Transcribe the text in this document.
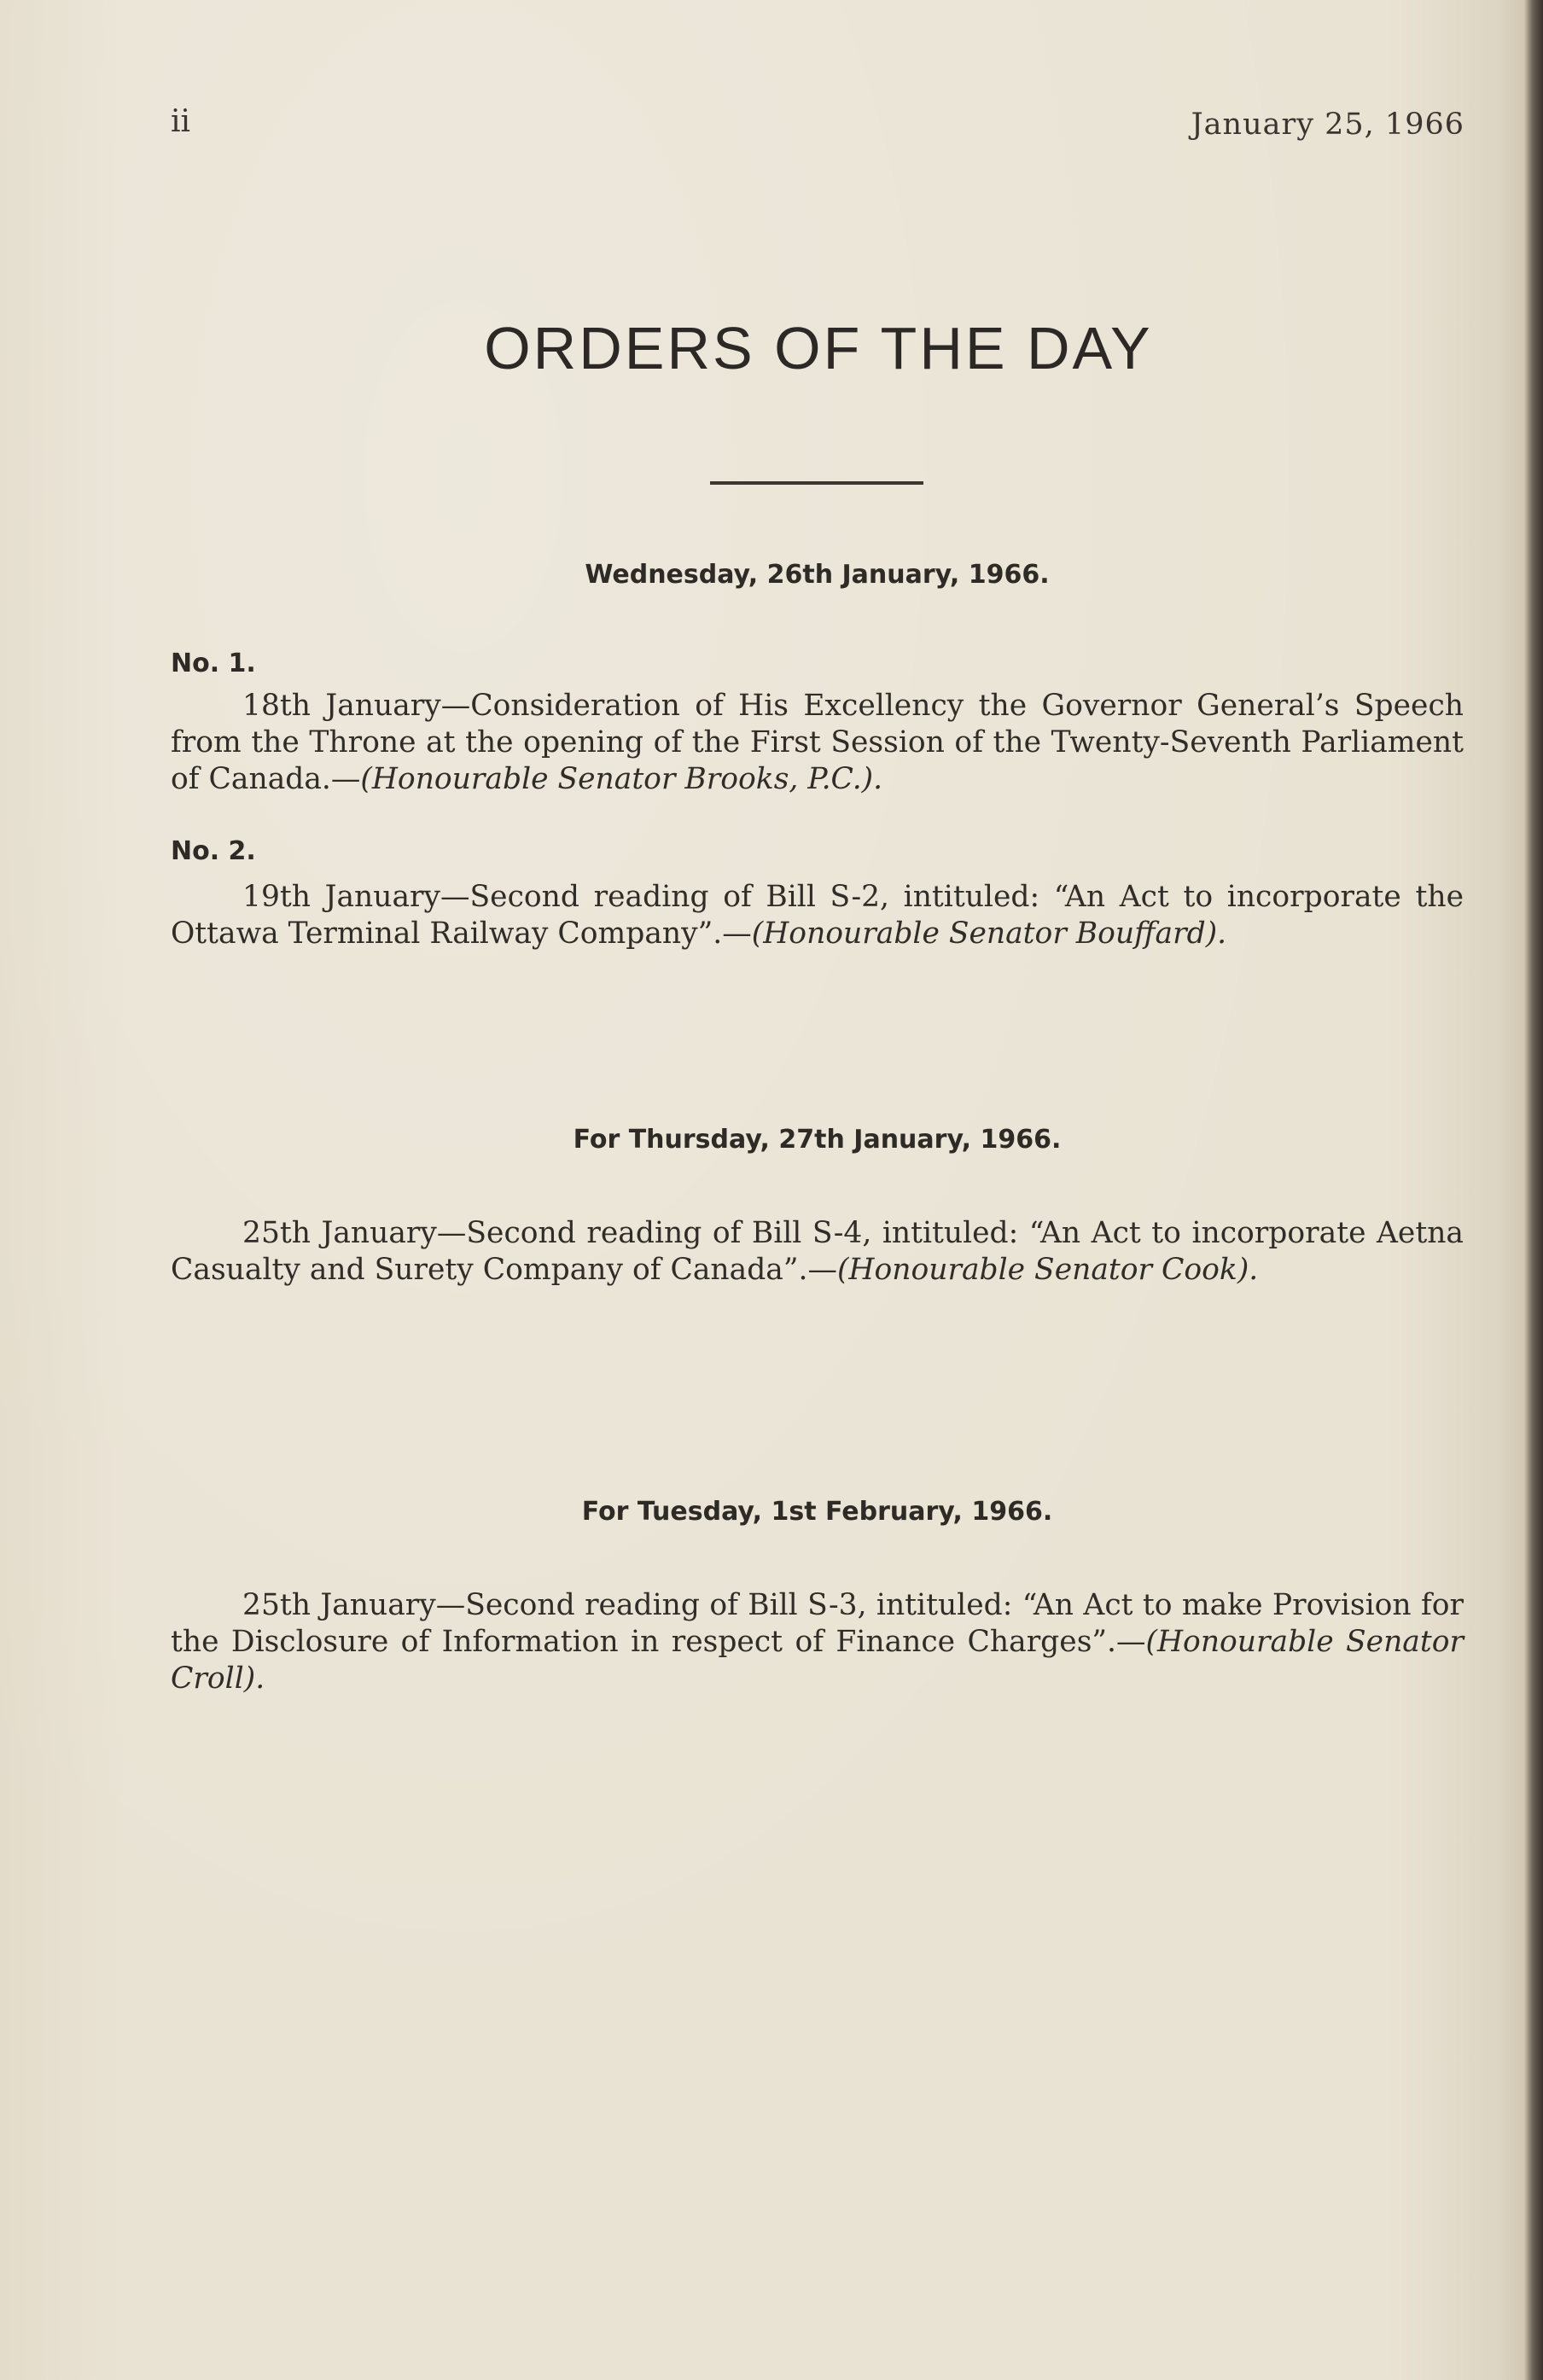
ii	January 25, 1966
ORDERS OF THE DAY
Wednesday, 26th January, 1966.
No. 1.
18th January—Consideration of His Excellency the Governor General’s Speech from the Throne at the opening of the First Session of the Twenty-Seventh Parliament of Canada.—(Honourable Senator Brooks, P.C.).
No. 2.
19th January—Second reading of Bill S-2, intituled: “An Act to incorporate the Ottawa Terminal Railway Company”.—(Honourable Senator Bouffard).
For Thursday, 27th January, 1966.
25th January—Second reading of Bill S-4, intituled: “An Act to incorporate Aetna Casualty and Surety Company of Canada”.—(Honourable Senator Cook).
For Tuesday, 1st February, 1966.
25th January—Second reading of Bill S-3, intituled: “An Act to make Provision for the Disclosure of Information in respect of Finance Charges”.—(Honourable Senator Croll).
